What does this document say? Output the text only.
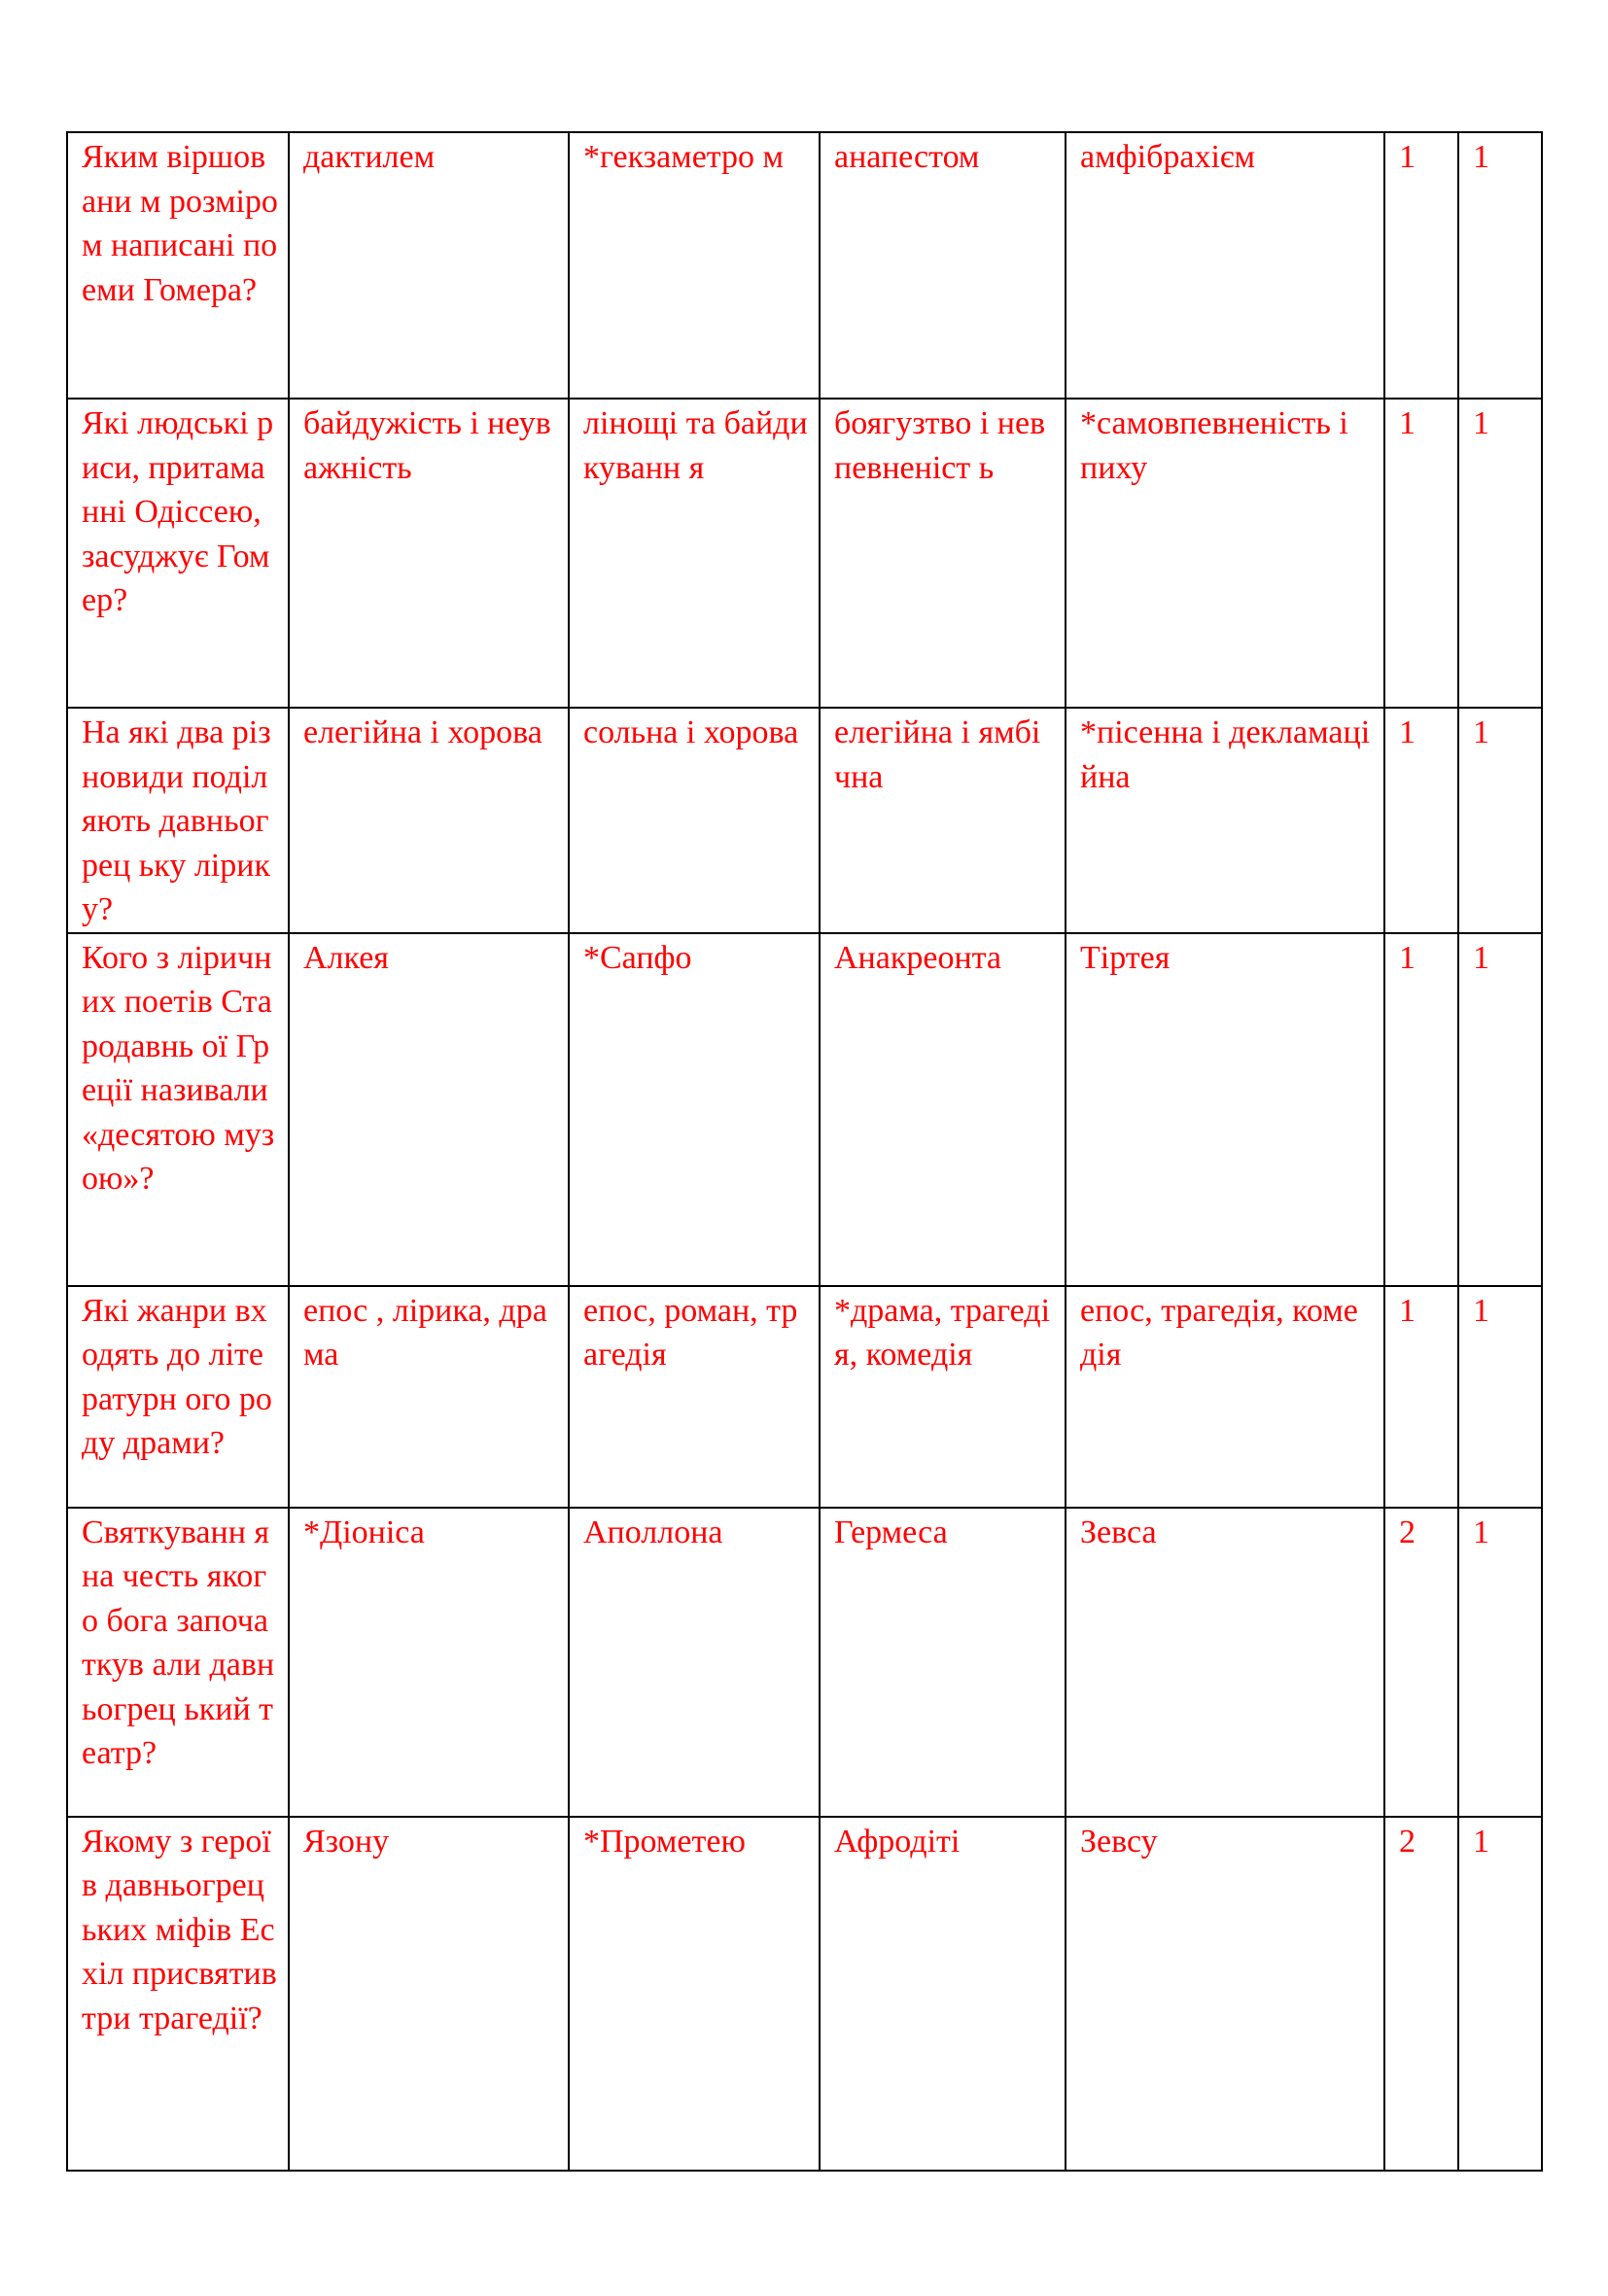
Яким віршовани м розміром написані поеми Гомера?	дактилем	*гекзаметро м	анапестом	амфібрахієм	1	1
Які людські риси, притаманні Одіссею, засуджує Гомер?	байдужість і неуважність	лінощі та байдикуванн я	боягузтво і невпевненіст ь	*самовпевненість і пиху	1	1
На які два різновиди поділяють давньогрец ьку лірику?	елегійна і хорова	сольна і хорова	елегійна і ямбічна	*пісенна і декламаційна	1	1
Кого з ліричних поетів Стародавнь ої Греції називали «десятою музою»?	Алкея	*Сапфо	Анакреонта	Тіртея	1	1
Які жанри входять до літературн ого роду драми?	епос , лірика, драма	епос, роман, трагедія	*драма, трагедія, комедія	епос, трагедія, комедія	1	1
Святкуванн я на честь якого бога започаткув али давньогрец ький театр?	*Діоніса	Аполлона	Гермеса	Зевса	2	1
Якому з героїв давньогрец ьких міфів Есхіл присвятив три трагедії?	Язону	*Прометею	Афродіті	Зевсу	2	1
